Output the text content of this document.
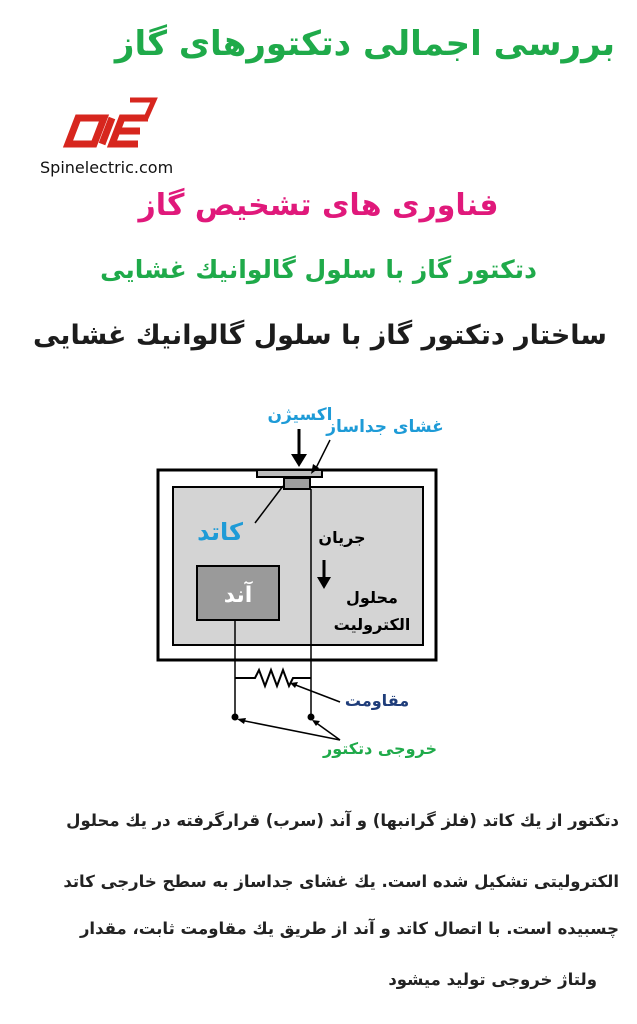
بررسی اجمالی دتکتورهای گاز
Spinelectric.com
فناوری های تشخیص گاز
دتکتور گاز با سلول گالوانیك غشایی
ساختار دتکتور گاز با سلول گالوانیك غشایی
اکسیژن
غشای جداساز
کاتد	جریان
آند	محلول
الکترولیت
مقاومت
خروجی دتکتور
دتکتور از یك کاتد (فلز گرانبها) و آند (سرب) قرارگرفته در یك محلول
الکترولیتی تشکیل شده است. یك غشای جداساز به سطح خارجی کاتد
چسبیده است. با اتصال کاتد و آند از طریق یك مقاومت ثابت، مقدار
ولتاژ خروجی تولید میشود
